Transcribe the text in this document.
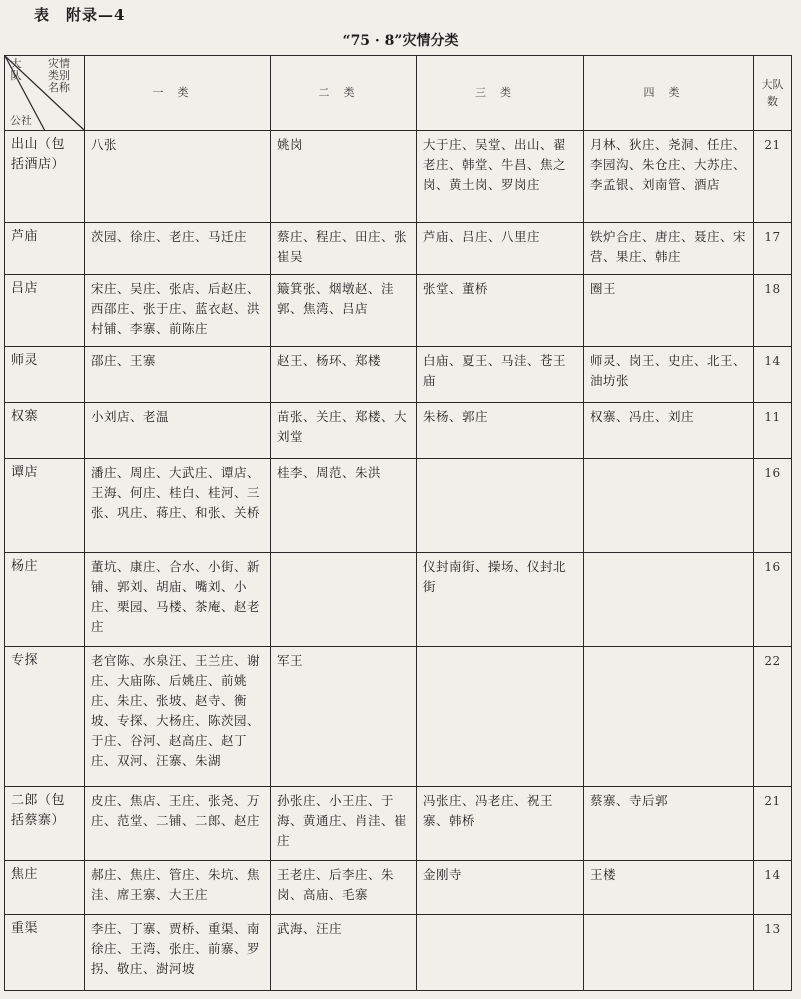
表　附录—4
“75 · 8”灾情分类
大队
灾情类别名称
公社	一类	二类	三类	四类	大队数
出山（包括酒店）	八张	姚岗	大于庄、吴堂、出山、翟老庄、韩堂、牛昌、焦之岗、黄土岗、罗岗庄	月林、狄庄、尧洞、任庄、李园沟、朱仓庄、大苏庄、李孟银、刘南管、酒店	21
芦庙	茨园、徐庄、老庄、马迁庄	蔡庄、程庄、田庄、张崔吴	芦庙、吕庄、八里庄	铁炉合庄、唐庄、聂庄、宋营、果庄、韩庄	17
吕店	宋庄、吴庄、张店、后赵庄、西邵庄、张于庄、蓝衣赵、洪村铺、李寨、前陈庄	簸箕张、烟墩赵、洼郭、焦湾、吕店	张堂、董桥	圈王	18
师灵	邵庄、王寨	赵王、杨环、郑楼	白庙、夏王、马洼、苍王庙	师灵、岗王、史庄、北王、油坊张	14
权寨	小刘店、老温	苗张、关庄、郑楼、大刘堂	朱杨、郭庄	权寨、冯庄、刘庄	11
谭店	潘庄、周庄、大武庄、谭店、王海、何庄、桂白、桂河、三张、巩庄、蒋庄、和张、关桥	桂李、周范、朱洪			16
杨庄	董坑、康庄、合水、小街、新铺、郭刘、胡庙、嘴刘、小庄、栗园、马楼、茶庵、赵老庄		仪封南街、操场、仪封北街		16
专探	老官陈、水泉汪、王兰庄、谢庄、大庙陈、后姚庄、前姚庄、朱庄、张坡、赵寺、衡坡、专探、大杨庄、陈茨园、于庄、谷河、赵高庄、赵丁庄、双河、汪寨、朱湖	军王			22
二郎（包括蔡寨）	皮庄、焦店、王庄、张尧、万庄、范堂、二铺、二郎、赵庄	孙张庄、小王庄、于海、黄通庄、肖洼、崔庄	冯张庄、冯老庄、祝王寨、韩桥	蔡寨、寺后郭	21
焦庄	郝庄、焦庄、管庄、朱坑、焦洼、席王寨、大王庄	王老庄、后李庄、朱岗、高庙、毛寨	金刚寺	王楼	14
重渠	李庄、丁寨、贾桥、重渠、南徐庄、王湾、张庄、前寨、罗拐、敬庄、澍河坡	武海、汪庄			13
